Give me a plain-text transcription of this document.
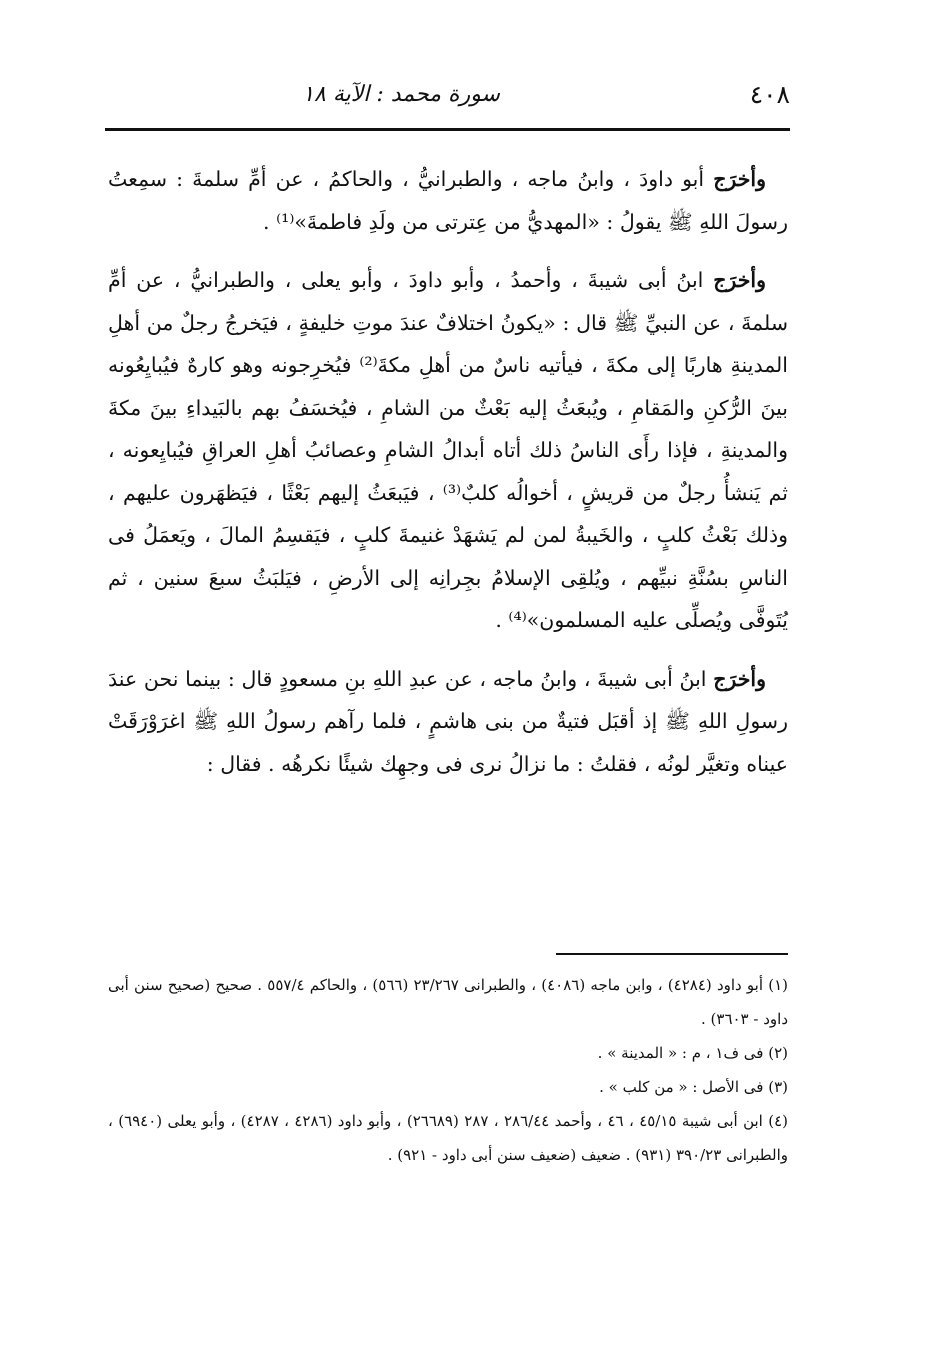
٤٠٨
سورة محمد : الآية ١٨

وأخرَج أبو داودَ ، وابنُ ماجه ، والطبرانيُّ ، والحاكمُ ، عن أمِّ سلمةَ : سمِعتُ رسولَ اللهِ ﷺ يقولُ : «المهديُّ من عِترتى من ولَدِ فاطمةَ»⁽¹⁾ .

وأخرَج ابنُ أبى شيبةَ ، وأحمدُ ، وأبو داودَ ، وأبو يعلى ، والطبرانيُّ ، عن أمِّ سلمةَ ، عن النبيِّ ﷺ قال : «يكونُ اختلافٌ عندَ موتِ خليفةٍ ، فيَخرجُ رجلٌ من أهلِ المدينةِ هاربًا إلى مكةَ ، فيأتيه ناسٌ من أهلِ مكةَ⁽²⁾ فيُخرِجونه وهو كارهٌ فيُبايِعُونه بينَ الرُّكنِ والمَقامِ ، ويُبعَثُ إليه بَعْثٌ من الشامِ ، فيُخسَفُ بهم بالبَيداءِ بينَ مكةَ والمدينةِ ، فإذا رأَى الناسُ ذلك أتاه أبدالُ الشامِ وعصائبُ أهلِ العراقِ فيُبايِعونه ، ثم يَنشأُ رجلٌ من قريشٍ ، أخوالُه كلبٌ⁽³⁾ ، فيَبعَثُ إليهم بَعْثًا ، فيَظهَرون عليهم ، وذلك بَعْثُ كلبٍ ، والخَيبةُ لمن لم يَشهَدْ غنيمةَ كلبٍ ، فيَقسِمُ المالَ ، ويَعمَلُ فى الناسِ بسُنَّةِ نبيِّهم ، ويُلقِى الإسلامُ بجِرانِه إلى الأرضِ ، فيَلبَثُ سبعَ سنين ، ثم يُتَوفَّى ويُصلِّى عليه المسلمون»⁽⁴⁾ .

وأخرَج ابنُ أبى شيبةَ ، وابنُ ماجه ، عن عبدِ اللهِ بنِ مسعودٍ قال : بينما نحن عندَ رسولِ اللهِ ﷺ إذ أقبَل فتيةٌ من بنى هاشمٍ ، فلما رآهم رسولُ اللهِ ﷺ اغرَوْرَقَتْ عيناه وتغيَّر لونُه ، فقلتُ : ما نزالُ نرى فى وجهِك شيئًا نكرهُه . فقال :

(١) أبو داود (٤٢٨٤) ، وابن ماجه (٤٠٨٦) ، والطبرانى ٢٣/٢٦٧ (٥٦٦) ، والحاكم ٥٥٧/٤ . صحيح (صحيح سنن أبى داود - ٣٦٠٣) .

(٢) فى ف١ ، م : « المدينة » .

(٣) فى الأصل : « من كلب » .

(٤) ابن أبى شيبة ٤٥/١٥ ، ٤٦ ، وأحمد ٢٨٦/٤٤ ، ٢٨٧ (٢٦٦٨٩) ، وأبو داود (٤٢٨٦ ، ٤٢٨٧) ، وأبو يعلى (٦٩٤٠) ، والطبرانى ٣٩٠/٢٣ (٩٣١) . ضعيف (ضعيف سنن أبى داود - ٩٢١) .
